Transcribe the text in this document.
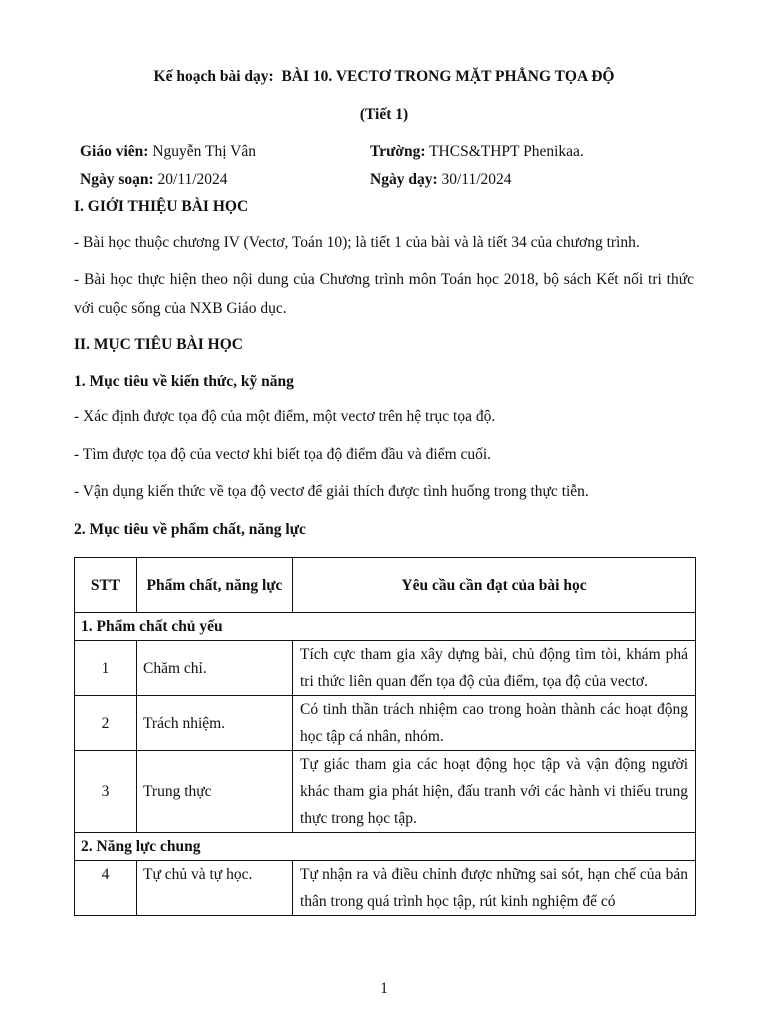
Kế hoạch bài dạy: BÀI 10. VECTƠ TRONG MẶT PHẲNG TỌA ĐỘ
(Tiết 1)
Giáo viên: Nguyễn Thị Vân	Trường: THCS&THPT Phenikaa.
Ngày soạn: 20/11/2024	Ngày dạy: 30/11/2024
I. GIỚI THIỆU BÀI HỌC
- Bài học thuộc chương IV (Vectơ, Toán 10); là tiết 1 của bài và là tiết 34 của chương trình.
- Bài học thực hiện theo nội dung của Chương trình môn Toán học 2018, bộ sách Kết nối tri thức với cuộc sống của NXB Giáo dục.
II. MỤC TIÊU BÀI HỌC
1. Mục tiêu về kiến thức, kỹ năng
- Xác định được tọa độ của một điểm, một vectơ trên hệ trục tọa độ.
- Tìm được tọa độ của vectơ khi biết tọa độ điểm đầu và điểm cuối.
- Vận dụng kiến thức về tọa độ vectơ để giải thích được tình huống trong thực tiễn.
2. Mục tiêu về phẩm chất, năng lực
STT	Phẩm chất, năng lực	Yêu cầu cần đạt của bài học
1. Phẩm chất chủ yếu		
1	Chăm chỉ.	Tích cực tham gia xây dựng bài, chủ động tìm tòi, khám phá tri thức liên quan đến tọa độ của điểm, tọa độ của vectơ.
2	Trách nhiệm.	Có tinh thần trách nhiệm cao trong hoàn thành các hoạt động học tập cá nhân, nhóm.
3	Trung thực	Tự giác tham gia các hoạt động học tập và vận động người khác tham gia phát hiện, đấu tranh với các hành vi thiếu trung thực trong học tập.
2. Năng lực chung		
4	Tự chủ và tự học.	Tự nhận ra và điều chỉnh được những sai sót, hạn chế của bản thân trong quá trình học tập, rút kinh nghiệm để có
1
